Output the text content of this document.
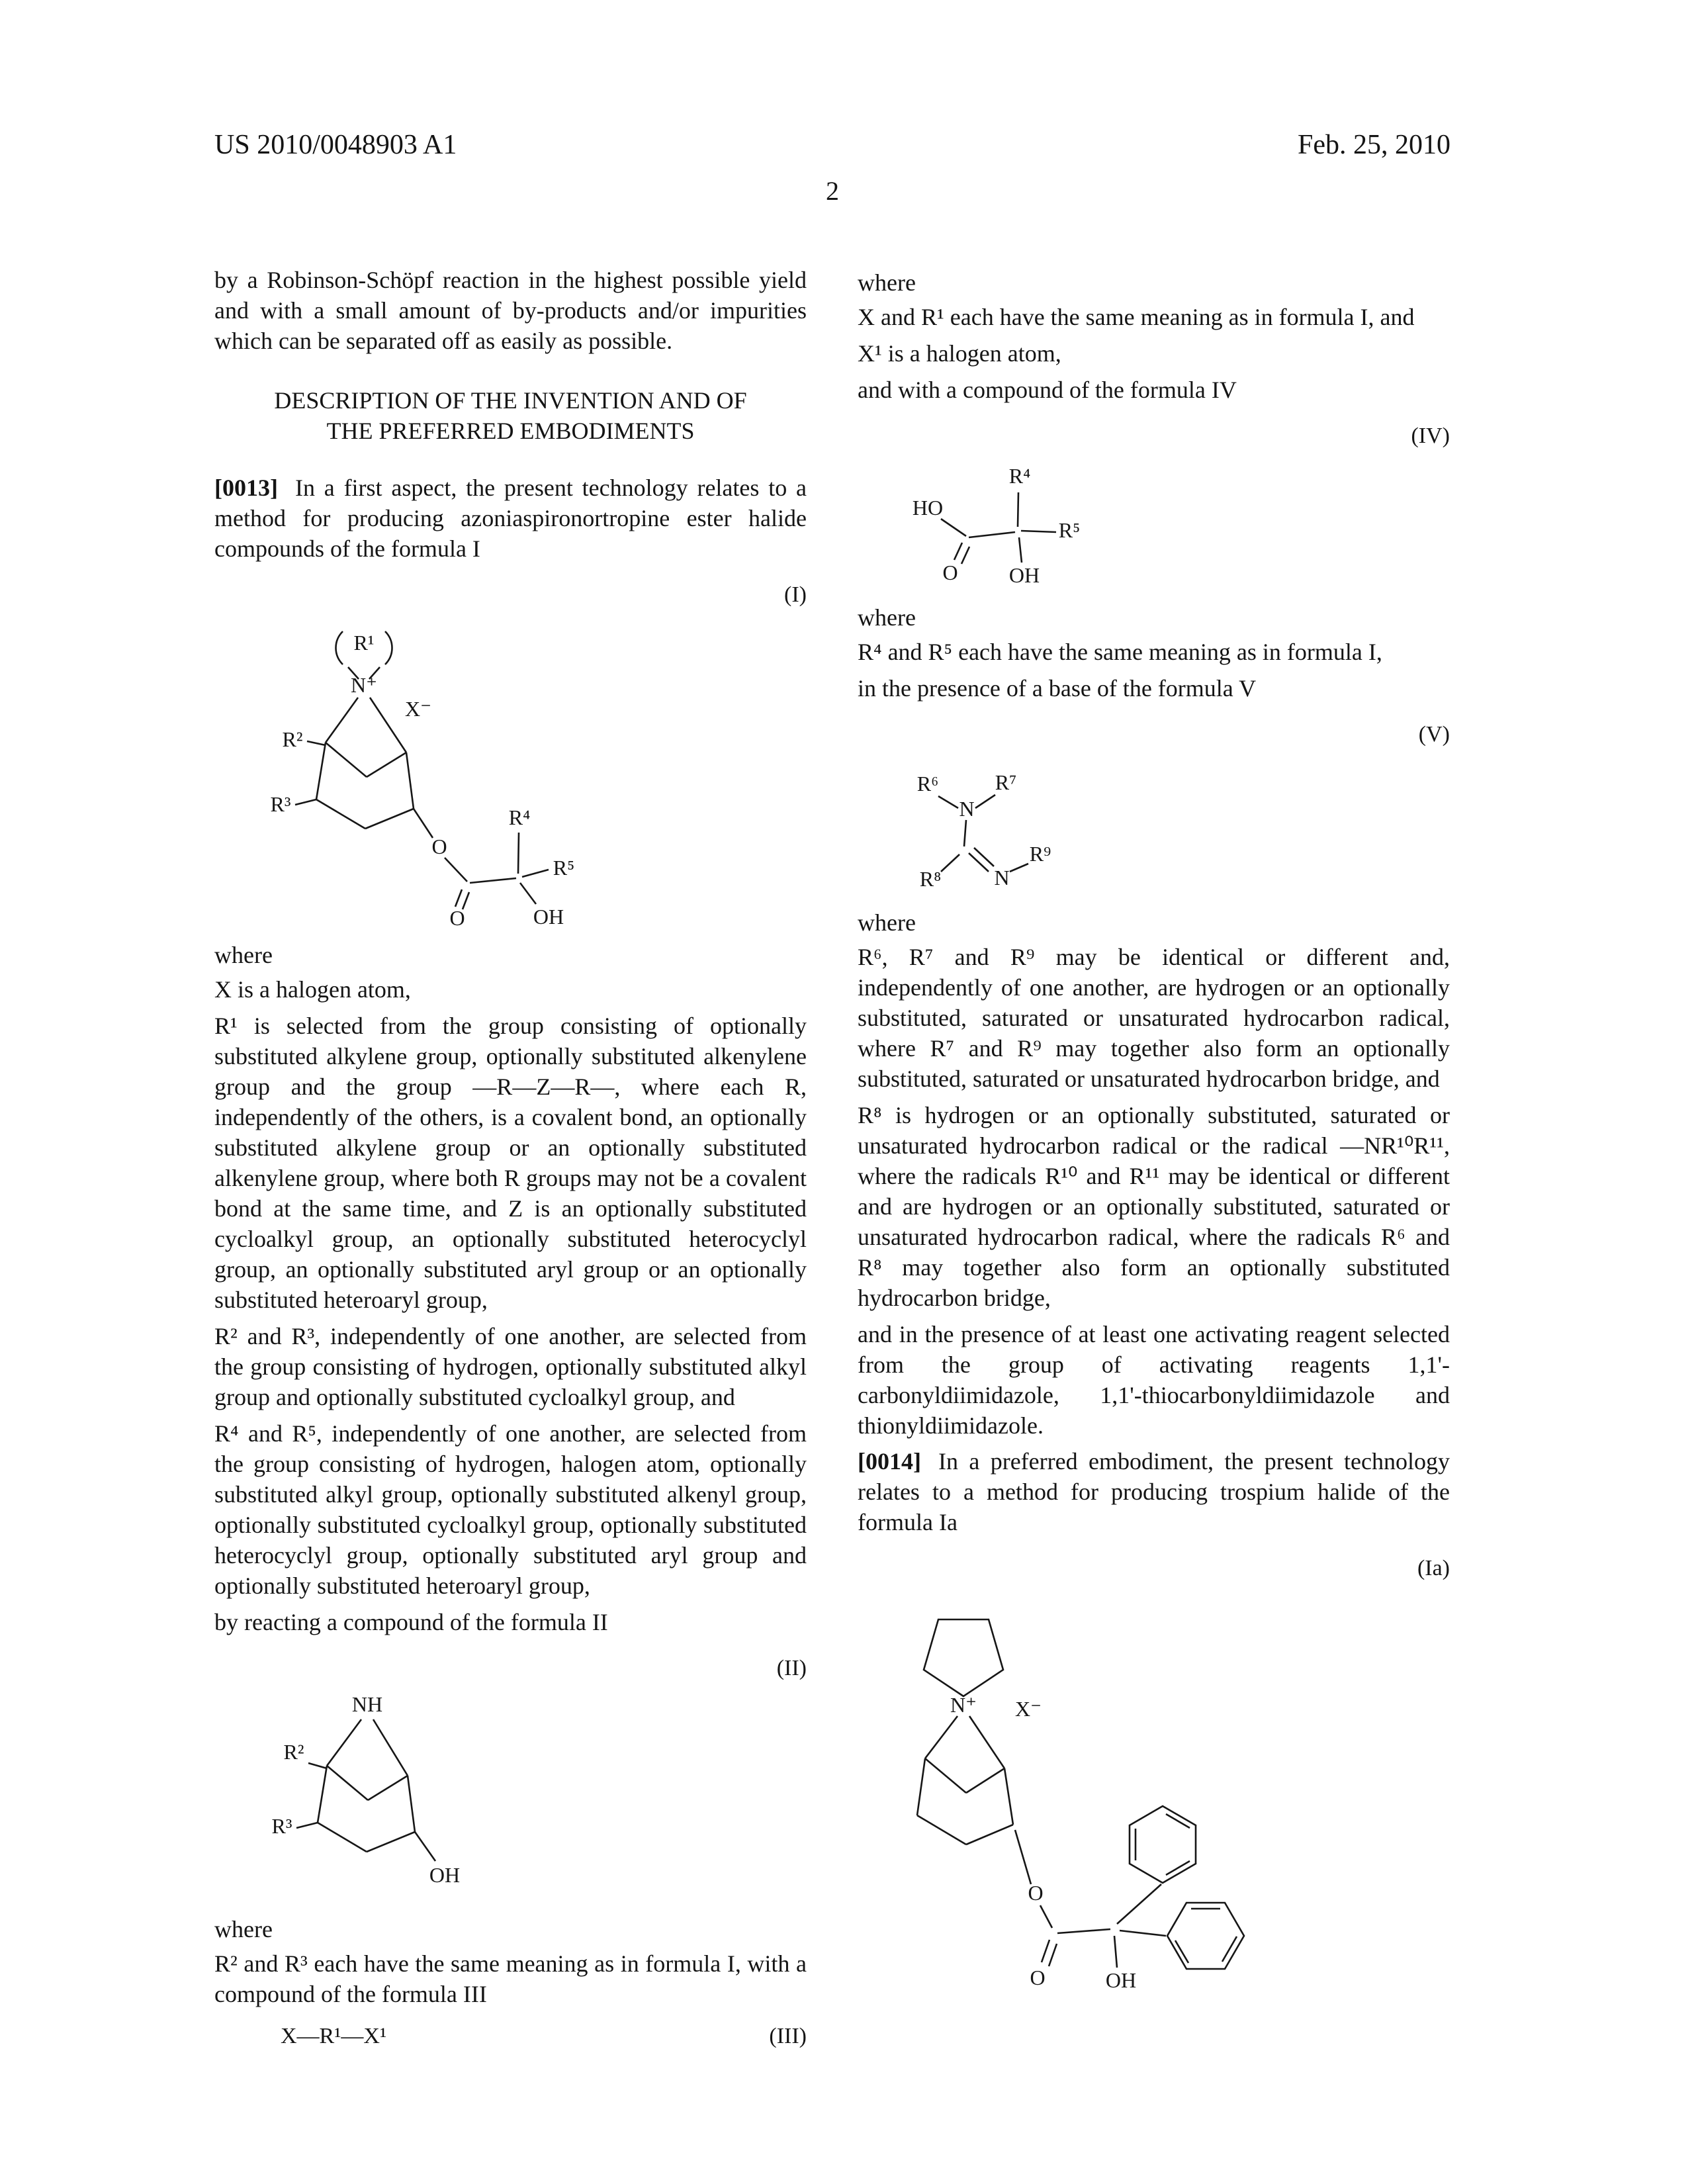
US 2010/0048903 A1	Feb. 25, 2010
2

by a Robinson-Schöpf reaction in the highest possible yield and with a small amount of by-products and/or impurities which can be separated off as easily as possible.

DESCRIPTION OF THE INVENTION AND OF
THE PREFERRED EMBODIMENTS

[0013] In a first aspect, the present technology relates to a method for producing azoniaspironortropine ester halide compounds of the formula I

(I)
R¹
N⁺
X⁻
R²
R³
O
O
R⁴
R⁵
OH

where

X is a halogen atom,

R¹ is selected from the group consisting of optionally substituted alkylene group, optionally substituted alkenylene group and the group —R—Z—R—, where each R, independently of the others, is a covalent bond, an optionally substituted alkylene group or an optionally substituted alkenylene group, where both R groups may not be a covalent bond at the same time, and Z is an optionally substituted cycloalkyl group, an optionally substituted heterocyclyl group, an optionally substituted aryl group or an optionally substituted heteroaryl group,

R² and R³, independently of one another, are selected from the group consisting of hydrogen, optionally substituted alkyl group and optionally substituted cycloalkyl group, and

R⁴ and R⁵, independently of one another, are selected from the group consisting of hydrogen, halogen atom, optionally substituted alkyl group, optionally substituted alkenyl group, optionally substituted cycloalkyl group, optionally substituted heterocyclyl group, optionally substituted aryl group and optionally substituted heteroaryl group,

by reacting a compound of the formula II

(II)
NH
R²
R³
OH

where

R² and R³ each have the same meaning as in formula I, with a compound of the formula III

X—R¹—X¹	(III)

where

X and R¹ each have the same meaning as in formula I, and

X¹ is a halogen atom,

and with a compound of the formula IV

(IV)
HO
R⁴
R⁵
O OH

where

R⁴ and R⁵ each have the same meaning as in formula I,

in the presence of a base of the formula V

(V)
R⁶	R⁷
N
R⁸	N
R⁹

where

R⁶, R⁷ and R⁹ may be identical or different and, independently of one another, are hydrogen or an optionally substituted, saturated or unsaturated hydrocarbon radical, where R⁷ and R⁹ may together also form an optionally substituted, saturated or unsaturated hydrocarbon bridge, and

R⁸ is hydrogen or an optionally substituted, saturated or unsaturated hydrocarbon radical or the radical —NR¹⁰R¹¹, where the radicals R¹⁰ and R¹¹ may be identical or different and are hydrogen or an optionally substituted, saturated or unsaturated hydrocarbon radical, where the radicals R⁶ and R⁸ may together also form an optionally substituted hydrocarbon bridge,

and in the presence of at least one activating reagent selected from the group of activating reagents 1,1'-carbonyldiimidazole, 1,1'-thiocarbonyldiimidazole and thionyldiimidazole.

[0014] In a preferred embodiment, the present technology relates to a method for producing trospium halide of the formula Ia

(Ia)
N⁺ X⁻
O
O	OH
